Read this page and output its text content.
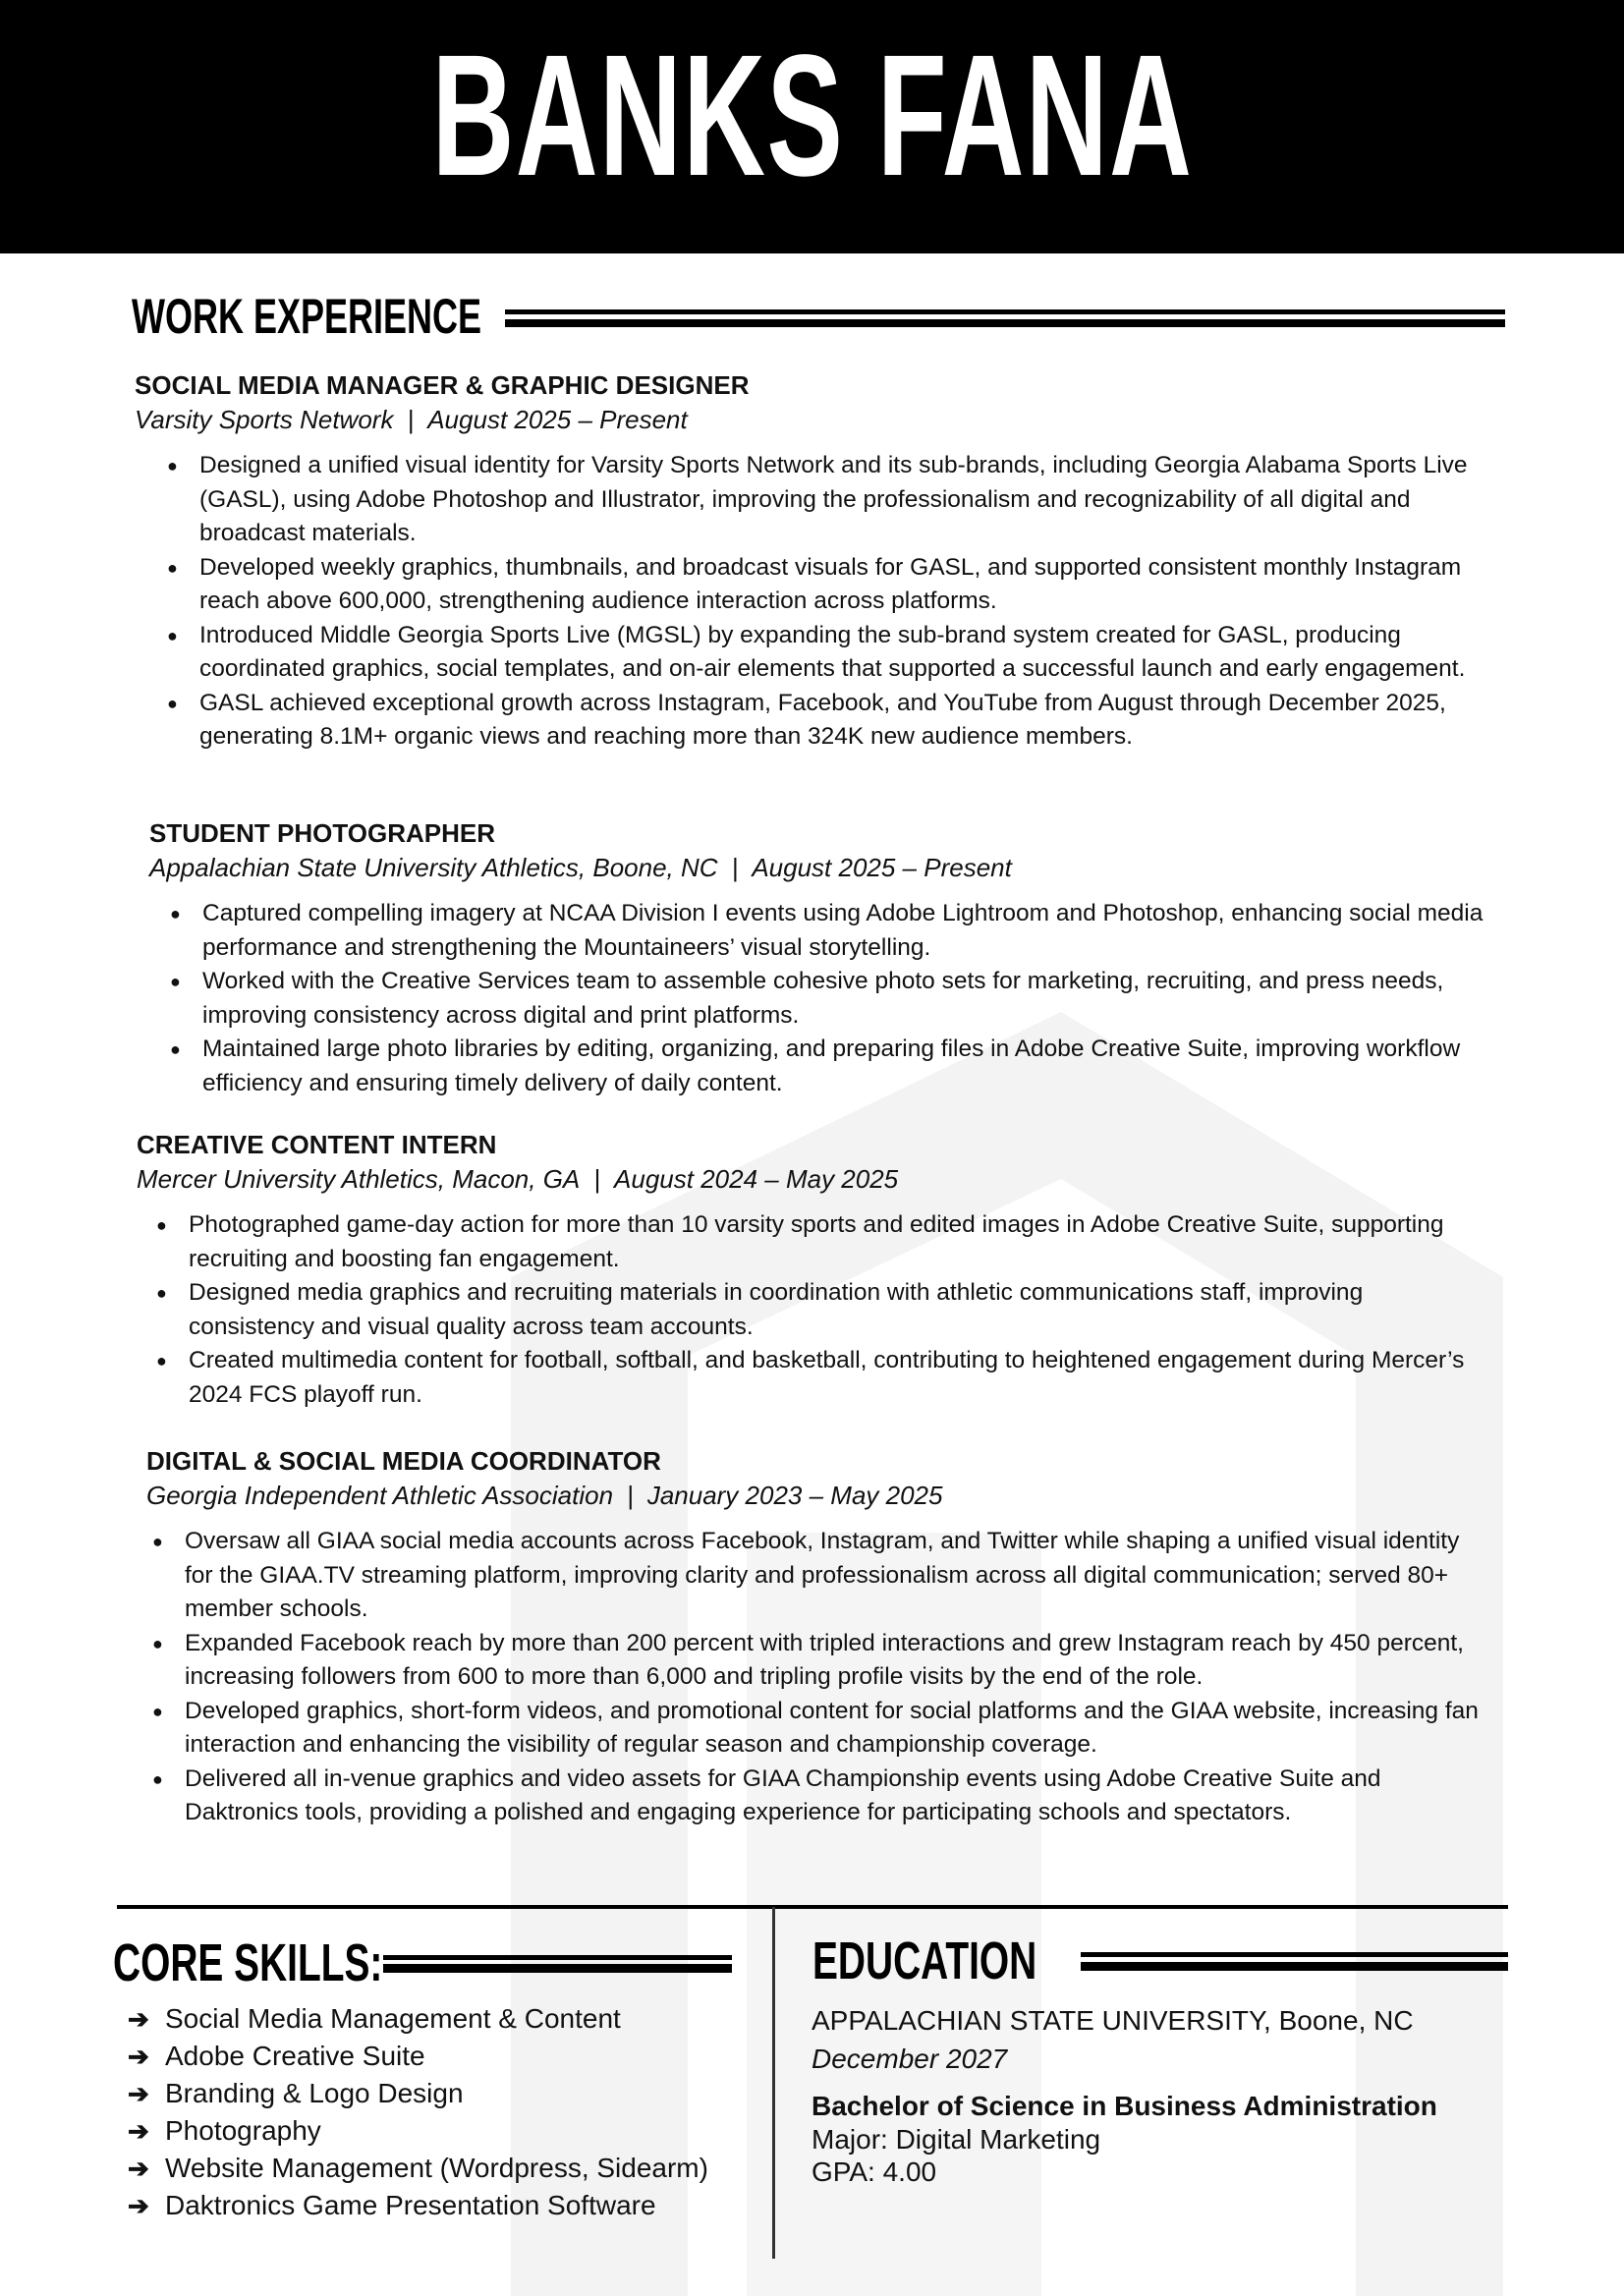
BANKS FANA
WORK EXPERIENCE
SOCIAL MEDIA MANAGER & GRAPHIC DESIGNER
Varsity Sports Network | August 2025 – Present
● Designed a unified visual identity for Varsity Sports Network and its sub-brands, including Georgia Alabama Sports Live (GASL), using Adobe Photoshop and Illustrator, improving the professionalism and recognizability of all digital and broadcast materials.
● Developed weekly graphics, thumbnails, and broadcast visuals for GASL, and supported consistent monthly Instagram reach above 600,000, strengthening audience interaction across platforms.
● Introduced Middle Georgia Sports Live (MGSL) by expanding the sub-brand system created for GASL, producing coordinated graphics, social templates, and on-air elements that supported a successful launch and early engagement.
● GASL achieved exceptional growth across Instagram, Facebook, and YouTube from August through December 2025, generating 8.1M+ organic views and reaching more than 324K new audience members.
STUDENT PHOTOGRAPHER
Appalachian State University Athletics, Boone, NC | August 2025 – Present
● Captured compelling imagery at NCAA Division I events using Adobe Lightroom and Photoshop, enhancing social media performance and strengthening the Mountaineers’ visual storytelling.
● Worked with the Creative Services team to assemble cohesive photo sets for marketing, recruiting, and press needs, improving consistency across digital and print platforms.
● Maintained large photo libraries by editing, organizing, and preparing files in Adobe Creative Suite, improving workflow efficiency and ensuring timely delivery of daily content.
CREATIVE CONTENT INTERN
Mercer University Athletics, Macon, GA | August 2024 – May 2025
● Photographed game-day action for more than 10 varsity sports and edited images in Adobe Creative Suite, supporting recruiting and boosting fan engagement.
● Designed media graphics and recruiting materials in coordination with athletic communications staff, improving consistency and visual quality across team accounts.
● Created multimedia content for football, softball, and basketball, contributing to heightened engagement during Mercer’s 2024 FCS playoff run.
DIGITAL & SOCIAL MEDIA COORDINATOR
Georgia Independent Athletic Association | January 2023 – May 2025
● Oversaw all GIAA social media accounts across Facebook, Instagram, and Twitter while shaping a unified visual identity for the GIAA.TV streaming platform, improving clarity and professionalism across all digital communication; served 80+ member schools.
● Expanded Facebook reach by more than 200 percent with tripled interactions and grew Instagram reach by 450 percent, increasing followers from 600 to more than 6,000 and tripling profile visits by the end of the role.
● Developed graphics, short-form videos, and promotional content for social platforms and the GIAA website, increasing fan interaction and enhancing the visibility of regular season and championship coverage.
● Delivered all in-venue graphics and video assets for GIAA Championship events using Adobe Creative Suite and Daktronics tools, providing a polished and engaging experience for participating schools and spectators.
CORE SKILLS:
➔ Social Media Management & Content
➔ Adobe Creative Suite
➔ Branding & Logo Design
➔ Photography
➔ Website Management (Wordpress, Sidearm)
➔ Daktronics Game Presentation Software
EDUCATION
APPALACHIAN STATE UNIVERSITY, Boone, NC
December 2027
Bachelor of Science in Business Administration
Major: Digital Marketing
GPA: 4.00
